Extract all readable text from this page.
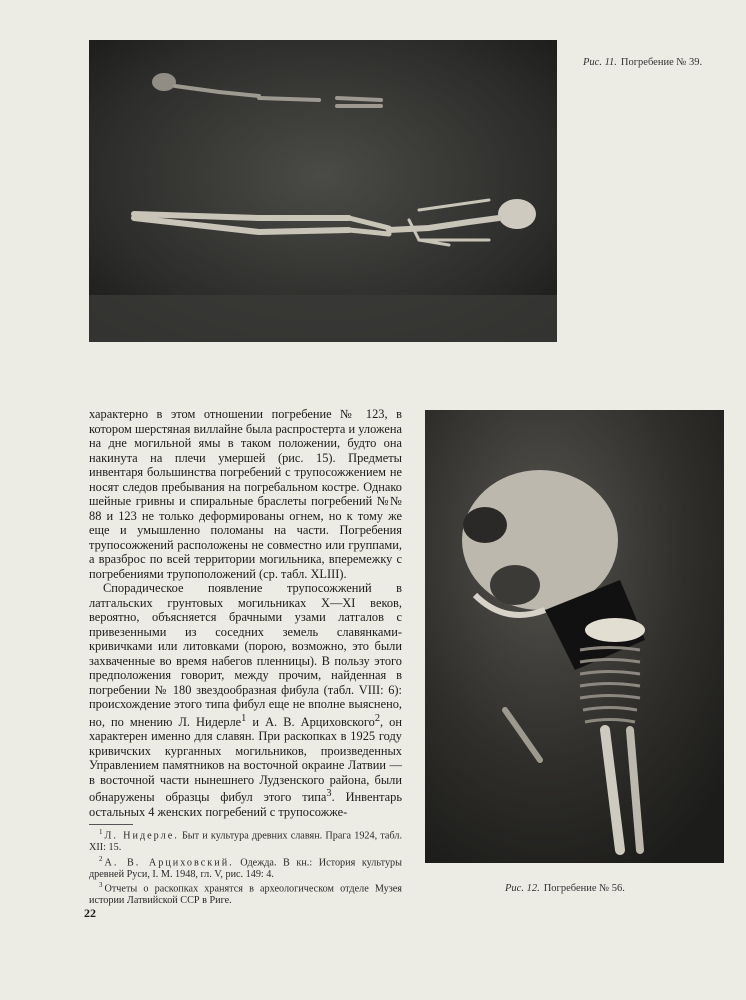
Рис. 11. Погребение № 39.
Рис. 12. Погребение № 56.

характерно в этом отношении погребение № 123, в котором шерстяная виллайне была распростерта и уложена на дне могильной ямы в таком положении, будто она накинута на плечи умершей (рис. 15). Предметы инвентаря большинства погребений с трупосожжением не носят следов пребывания на погребальном костре. Однако шейные гривны и спиральные браслеты погребений №№ 88 и 123 не только деформированы огнем, но к тому же еще и умышленно поломаны на части. Погребения трупосожжений расположены не совместно или группами, а вразброс по всей территории могильника, вперемежку с погребениями трупоположений (ср. табл. XLIII).

Спорадическое появление трупосожжений в латгальских грунтовых могильниках X—XI веков, вероятно, объясняется брачными узами латгалов с привезенными из соседних земель славянками-кривичками или литовками (порою, возможно, это были захваченные во время набегов пленницы). В пользу этого предположения говорит, между прочим, найденная в погребении № 180 звездообразная фибула (табл. VIII: 6): происхождение этого типа фибул еще не вполне выяснено, но, по мнению Л. Нидерле$^1$ и А. В. Арциховского$^2$, он характерен именно для славян. При раскопках в 1925 году кривичских курганных могильников, произведенных Управлением памятников на восточной окраине Латвии — в восточной части нынешнего Лудзенского района, были обнаружены образцы фибул этого типа$^3$. Инвентарь остальных 4 женских погребений с трупосожже-

$^1$ Л. Нидерле. Быт и культура древних славян. Прага 1924, табл. XII: 15.

$^2$ А. В. Арциховский. Одежда. В кн.: История культуры древней Руси, I. М. 1948, гл. V, рис. 149: 4.

$^3$ Отчеты о раскопках хранятся в археологическом отделе Музея истории Латвийской ССР в Риге.

22
